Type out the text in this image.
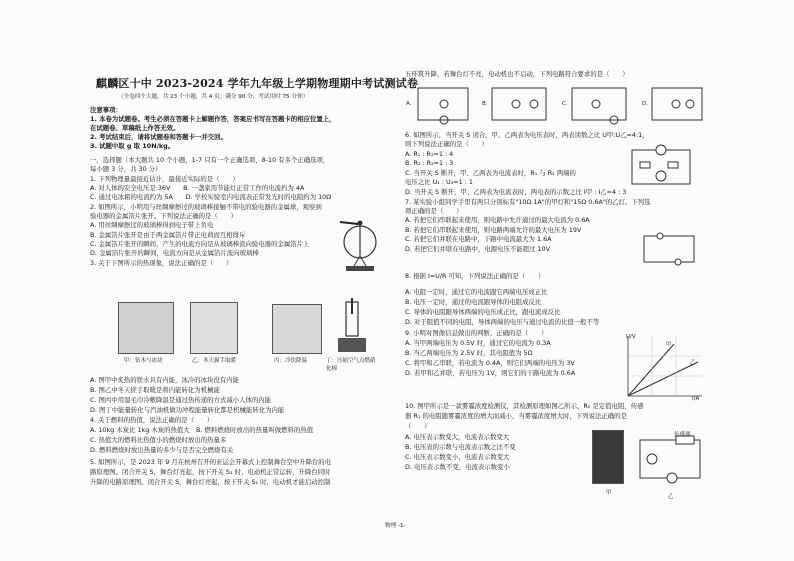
麒麟区十中 2023-2024 学年九年级上学期物理期中考试测试卷
（全卷四个大题，共 23 个小题，共 4 页；满分 90 分，考试用时 75 分钟）
注意事项：
1. 本卷为试题卷。考生必须在答题卡上解题作答，答案应书写在答题卡的相应位置上，
在试题卷、草稿纸上作答无效。
2. 考试结束后，请将试题卷和答题卡一并交回。
3. 试题中取 g 取 10N/kg。
一、选择题（本大题共 10 个小题，1-7 只有一个正确选项，8-10 有多个正确选项，
每小题 3 分，共 30 分）
1. 下列物理量最接近估计，最接近实际的是（　　）
A. 对人体的安全电压是 36V　　B. 一盏家用节能灯正常工作的电流约为 4A
C. 通过电冰箱的电流约为 5A　　D. 学校实验室内电流表正常发光时的电阻约为 10Ω
2. 如图所示，小明用与丝绸摩擦过的玻璃棒接触不带电的验电器的金属球，观察到
验电器的金属箔片张开。下列说法正确的是（　　）
A. 用丝绸摩擦过的玻璃棒得到电子带上负电
B. 金属箔片张开是由于两金属箔片带正电荷而互相排斥
C. 金属箔片张开的瞬间，产生的电流方向是从玻璃棒流向验电器的金属箔片上
D. 金属箔片张开的瞬间，电流方向是从金属箔片流向玻璃棒
3. 关于下图所示的热现象，说法正确的是（　　）
甲：钻木与冰块	乙：冬天握手取暖	丙：冷饮降温	丁：压缩空气点燃硝化棉
A. 图甲中炙热的铁水具有内能，冰冷的冰块没有内能
B. 图乙中冬天搓手取暖是将内能转化为机械能
C. 图丙中用湿毛巾冷敷降温是通过热传递的方式减小人体的内能
D. 图丁中能量转化与汽油机做功冲程能量转化都是机械能转化为内能
4. 关于燃料的热值，说法正确的是（　　）
A. 10kg 木炭比 1kg 木炭的热值大　B. 燃料燃烧时放出的热量叫做燃料的热值
C. 热值大的燃料比热值小的燃烧时放出的热量多
D. 燃料燃烧时放出热量的多少与是否完全燃烧有关
5. 如图所示，是 2023 年 9 月在杭州召开的亚运会开幕式上控制舞台空中升降台的电
路原理图。闭合开关 S，舞台灯亮起，按下开关 S₁ 时，电动机正常运转，升降台同时
升降的电路原理图。闭合开关 S，舞台灯亮起，按下开关 S₁ 时，电动机才能启动控制
五环筑升降，若舞台灯不亮，电动机也不启动，下列电路符合要求的是（　　）
A.	B.	C.	D.
6. 如图所示，当开关 S 闭合，甲、乙两表为电压表时，两表读数之比 U甲:U乙=4:1，
则下列说法正确的是（　　）
A. R₁ : R₂=1 : 4
B. R₁ : R₂=1 : 3
C. 当开关 S 断开，甲、乙两表为电流表时，R₁ 与 R₂ 两端的
电压之比 U₁ : U₂=1 : 1
D. 当开关 S 断开，甲、乙两表为电流表时，两电表的示数之比 I甲 : I乙=4 : 3
7. 某实验小组同学手里有两只分别标有"10Ω 1A"的甲灯和"15Ω 0.6A"的乙灯。下列选
项正确的是（　　）
A. 若把它们串联起来使用，则电路中允许通过的最大电流为 0.6A
B. 若把它们串联起来使用，则电路两端允许的最大电压为 19V
C. 若把它们并联在电路中，干路中电流最大为 1.6A
D. 若把它们并联在电路中，电源电压不能超过 10V
8. 根据 I=U/R 可知，下列说法正确的是（　　）
A. 电阻一定时，通过它的电流跟它两端电压成正比
B. 电压一定时，通过的电流跟导体的电阻成反比
C. 导体的电阻跟导体两端的电压成正比，跟电流成反比
D. 对于阻值不同的电阻，导体两端的电压与通过电流的比值一般不等
9. 小明对图像信息做出的判断，正确的是（　　）
A. 当甲两端电压为 0.5V 时，通过它的电流为 0.3A
B. 当乙两端电压为 2.5V 时，其电阻值为 5Ω
C. 将甲和乙串联，若电流为 0.4A，则它们两端的电压为 3V
D. 若甲和乙并联，若电压为 1V，则它们的干路电流为 0.6A
10. 图甲所示是一款雾霾浓度检测仪，其检测原理如图乙所示，R₀ 是定值电阻，传感
器 R₁ 的电阻随雾霾浓度的增大而减小，当雾霾浓度增大时，下列说法正确的是
（　　）
A. 电压表示数变大，电流表示数变大
B. 电压表的示数与电流表示数之比不变
C. 电压表示数变小，电流表示数变大
D. 电压表示数不变，电流表示数变小
U/V
I/A
甲
乙
甲
传感器
乙
物理 -1-
